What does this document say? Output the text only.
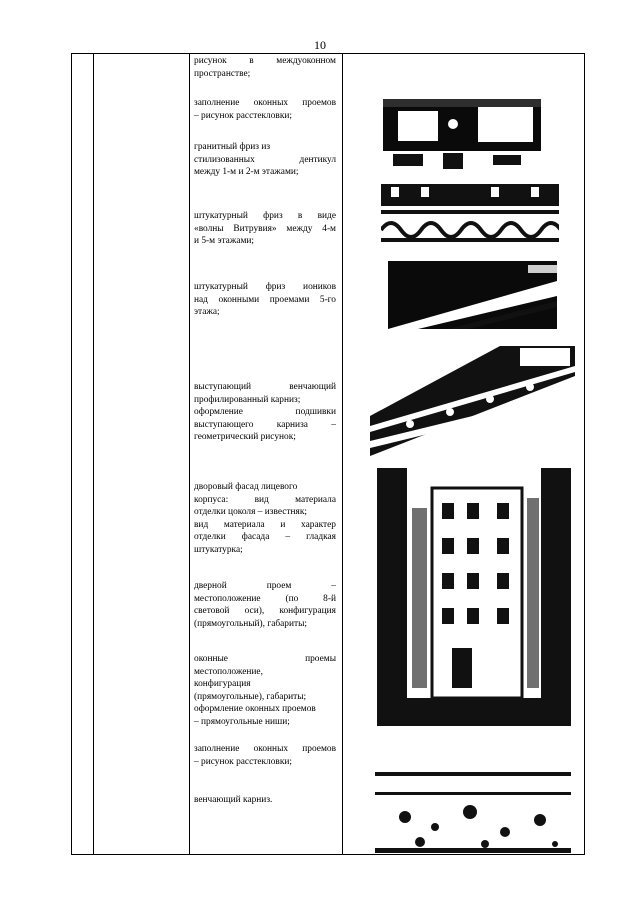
10
рисунок в междуоконном
пространстве;
заполнение оконных проемов
– рисунок расстекловки;
гранитный фриз из
стилизованных дентикул
между 1-м и 2-м этажами;
штукатурный фриз в виде
«волны Витрувия» между 4-м
и 5-м этажами;
штукатурный фриз иоников
над оконными проемами 5-го
этажа;
выступающий венчающий
профилированный карниз;
оформление подшивки
выступающего карниза –
геометрический рисунок;
дворовый фасад лицевого
корпуса: вид материала
отделки цоколя – известняк;
вид материала и характер
отделки фасада – гладкая
штукатурка;
дверной проем –
местоположение (по 8-й
световой оси), конфигурация
(прямоугольный), габариты;
оконные проемы
местоположение,
конфигурация
(прямоугольные), габариты;
оформление оконных проемов
– прямоугольные ниши;
заполнение оконных проемов
– рисунок расстекловки;
венчающий карниз.
